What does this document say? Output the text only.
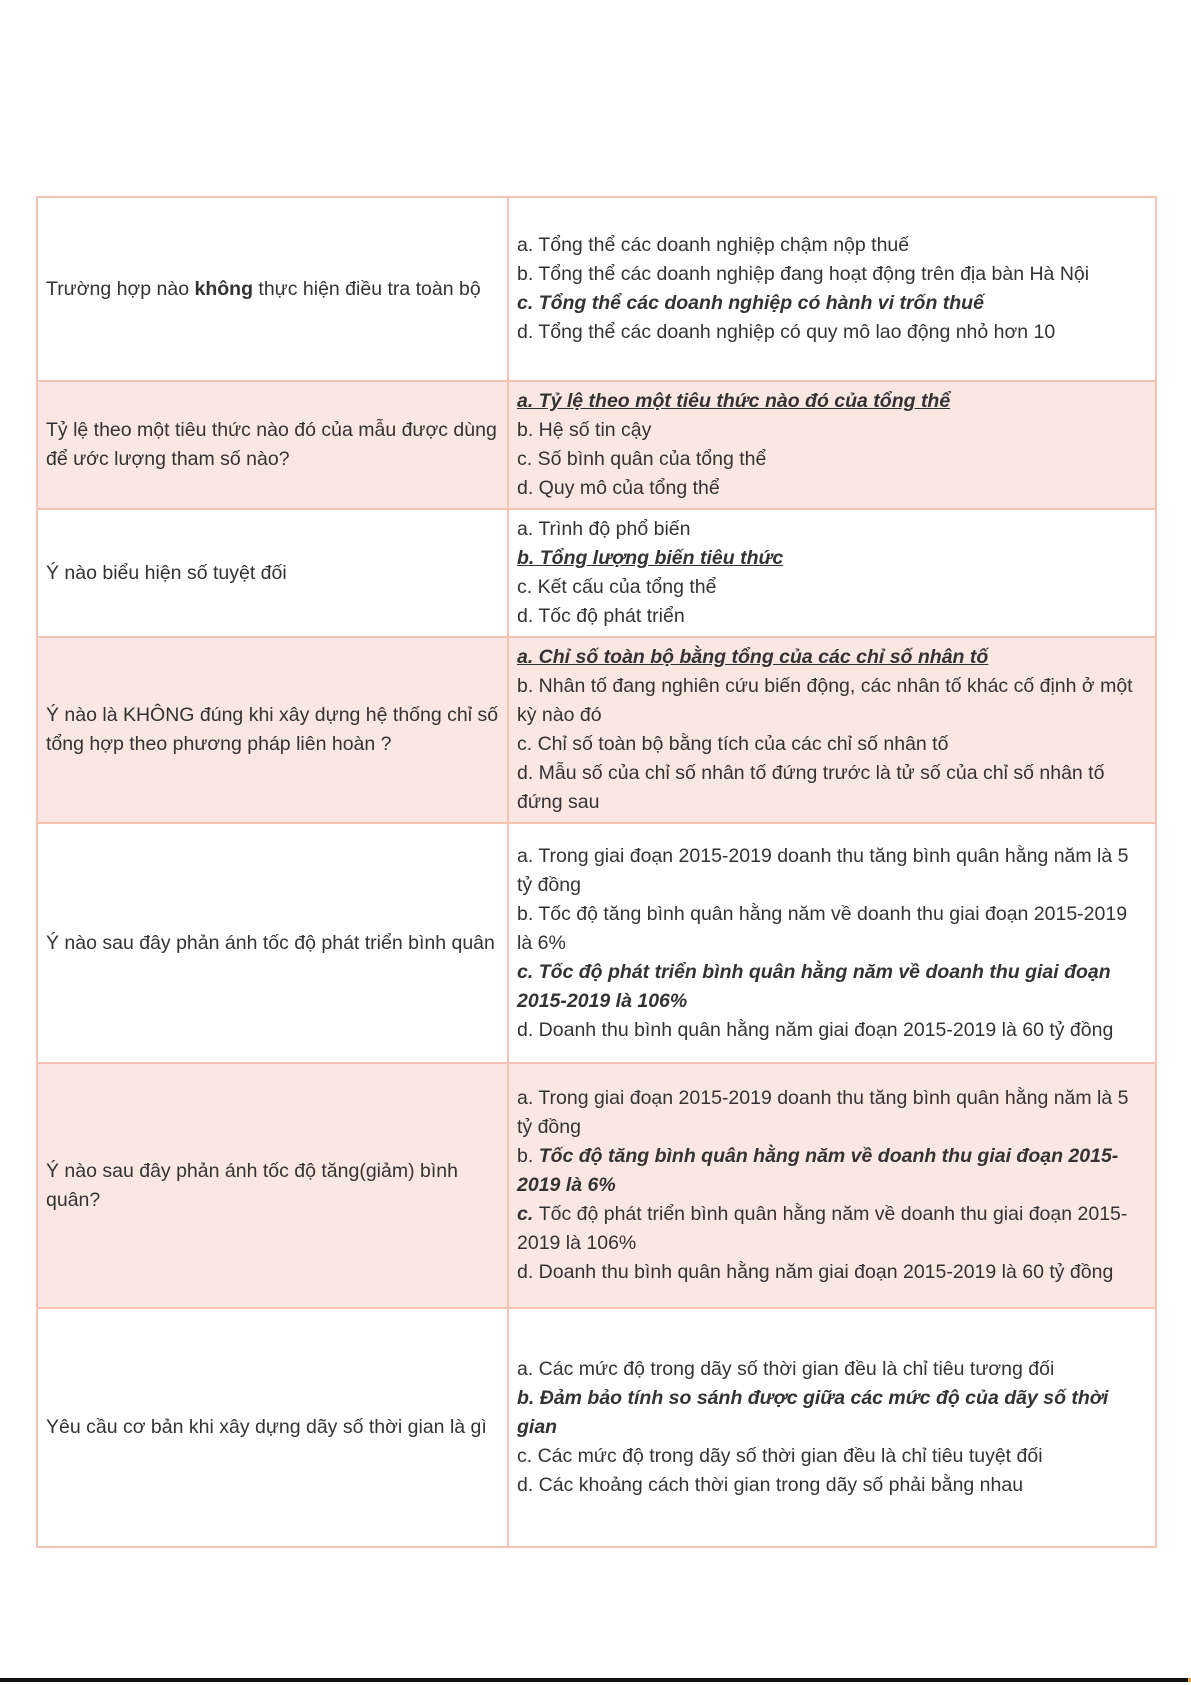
Trường hợp nào không thực hiện điều tra toàn bộ	a. Tổng thể các doanh nghiệp chậm nộp thuế
b. Tổng thể các doanh nghiệp đang hoạt động trên địa bàn Hà Nội
c. Tổng thể các doanh nghiệp có hành vi trốn thuế
d. Tổng thể các doanh nghiệp có quy mô lao động nhỏ hơn 10

Tỷ lệ theo một tiêu thức nào đó của mẫu được dùng để ước lượng tham số nào?	a. Tỷ lệ theo một tiêu thức nào đó của tổng thể
b. Hệ số tin cậy
c. Số bình quân của tổng thể
d. Quy mô của tổng thể

Ý nào biểu hiện số tuyệt đối	a. Trình độ phổ biến
b. Tổng lượng biến tiêu thức
c. Kết cấu của tổng thể
d. Tốc độ phát triển

Ý nào là KHÔNG đúng khi xây dựng hệ thống chỉ số tổng hợp theo phương pháp liên hoàn ?	a. Chỉ số toàn bộ bằng tổng của các chỉ số nhân tố
b. Nhân tố đang nghiên cứu biến động, các nhân tố khác cố định ở một kỳ nào đó
c. Chỉ số toàn bộ bằng tích của các chỉ số nhân tố
d. Mẫu số của chỉ số nhân tố đứng trước là tử số của chỉ số nhân tố đứng sau

Ý nào sau đây phản ánh tốc độ phát triển bình quân	a. Trong giai đoạn 2015-2019 doanh thu tăng bình quân hằng năm là 5 tỷ đồng
b. Tốc độ tăng bình quân hằng năm về doanh thu giai đoạn 2015-2019 là 6%
c. Tốc độ phát triển bình quân hằng năm về doanh thu giai đoạn 2015-2019 là 106%
d. Doanh thu bình quân hằng năm giai đoạn 2015-2019 là 60 tỷ đồng

Ý nào sau đây phản ánh tốc độ tăng(giảm) bình quân?	a. Trong giai đoạn 2015-2019 doanh thu tăng bình quân hằng năm là 5 tỷ đồng
b. Tốc độ tăng bình quân hằng năm về doanh thu giai đoạn 2015-2019 là 6%
c. Tốc độ phát triển bình quân hằng năm về doanh thu giai đoạn 2015-2019 là 106%
d. Doanh thu bình quân hằng năm giai đoạn 2015-2019 là 60 tỷ đồng

Yêu cầu cơ bản khi xây dựng dãy số thời gian là gì	a. Các mức độ trong dãy số thời gian đều là chỉ tiêu tương đối
b. Đảm bảo tính so sánh được giữa các mức độ của dãy số thời gian
c. Các mức độ trong dãy số thời gian đều là chỉ tiêu tuyệt đối
d. Các khoảng cách thời gian trong dãy số phải bằng nhau
